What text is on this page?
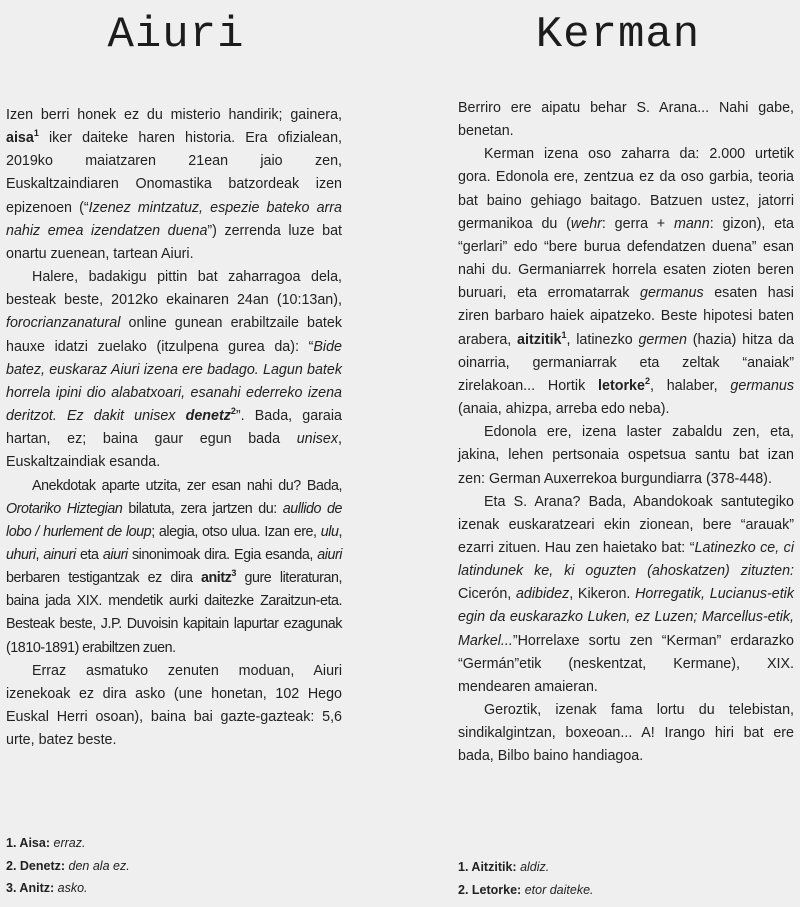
Aiuri

Izen berri honek ez du misterio handirik; gainera, aisa$^1$ iker daiteke haren historia. Era ofizialean, 2019ko maiatzaren 21ean jaio zen, Euskaltzaindiaren Onomastika batzordeak izen epizenoen (“Izenez mintzatuz, espezie bateko arra nahiz emea izendatzen duena”) zerrenda luze bat onartu zuenean, tartean Aiuri.

Halere, badakigu pittin bat zaharragoa dela, besteak beste, 2012ko ekainaren 24an (10:13an), forocrianzanatural online gunean erabiltzaile batek hauxe idatzi zuelako (itzulpena gurea da): “Bide batez, euskaraz Aiuri izena ere badago. Lagun batek horrela ipini dio alabatxoari, esanahi ederreko izena deritzot. Ez dakit unisex denetz$^2$”. Bada, garaia hartan, ez; baina gaur egun bada unisex, Euskaltzaindiak esanda.

Anekdotak aparte utzita, zer esan nahi du? Bada, Orotariko Hiztegian bilatuta, zera jartzen du: aullido de lobo / hurlement de loup; alegia, otso ulua. Izan ere, ulu, uhuri, ainuri eta aiuri sinonimoak dira. Egia esanda, aiuri berbaren testigantzak ez dira anitz$^3$ gure literaturan, baina jada XIX. mendetik aurki daitezke Zaraitzun-eta. Besteak beste, J.P. Duvoisin kapitain lapurtar ezagunak (1810-1891) erabiltzen zuen.

Erraz asmatuko zenuten moduan, Aiuri izenekoak ez dira asko (une honetan, 102 Hego Euskal Herri osoan), baina bai gazte-gazteak: 5,6 urte, batez beste.

1. Aisa: erraz.

2. Denetz: den ala ez.

3. Anitz: asko.

Kerman

Berriro ere aipatu behar S. Arana... Nahi gabe, benetan.

Kerman izena oso zaharra da: 2.000 urtetik gora. Edonola ere, zentzua ez da oso garbia, teoria bat baino gehiago baitago. Batzuen ustez, jatorri germanikoa du (wehr: gerra + mann: gizon), eta “gerlari” edo “bere burua defendatzen duena” esan nahi du. Germaniarrek horrela esaten zioten beren buruari, eta erromatarrak germanus esaten hasi ziren barbaro haiek aipatzeko. Beste hipotesi baten arabera, aitzitik$^1$, latinezko germen (hazia) hitza da oinarria, germaniarrak eta zeltak “anaiak” zirelakoan... Hortik letorke$^2$, halaber, germanus (anaia, ahizpa, arreba edo neba).

Edonola ere, izena laster zabaldu zen, eta, jakina, lehen pertsonaia ospetsua santu bat izan zen: German Auxerrekoa burgundiarra (378-448).

Eta S. Arana? Bada, Abandokoak santutegiko izenak euskaratzeari ekin zionean, bere “arauak” ezarri zituen. Hau zen haietako bat: “Latinezko ce, ci latindunek ke, ki oguzten (ahoskatzen) zituzten: Cicerón, adibidez, Kikeron. Horregatik, Lucianus-etik egin da euskarazko Luken, ez Luzen; Marcellus-etik, Markel...”Horrelaxe sortu zen “Kerman” erdarazko “Germán”etik (neskentzat, Kermane), XIX. mendearen amaieran.

Geroztik, izenak fama lortu du telebistan, sindikalgintzan, boxeoan... A! Irango hiri bat ere bada, Bilbo baino handiagoa.

1. Aitzitik: aldiz.

2. Letorke: etor daiteke.
